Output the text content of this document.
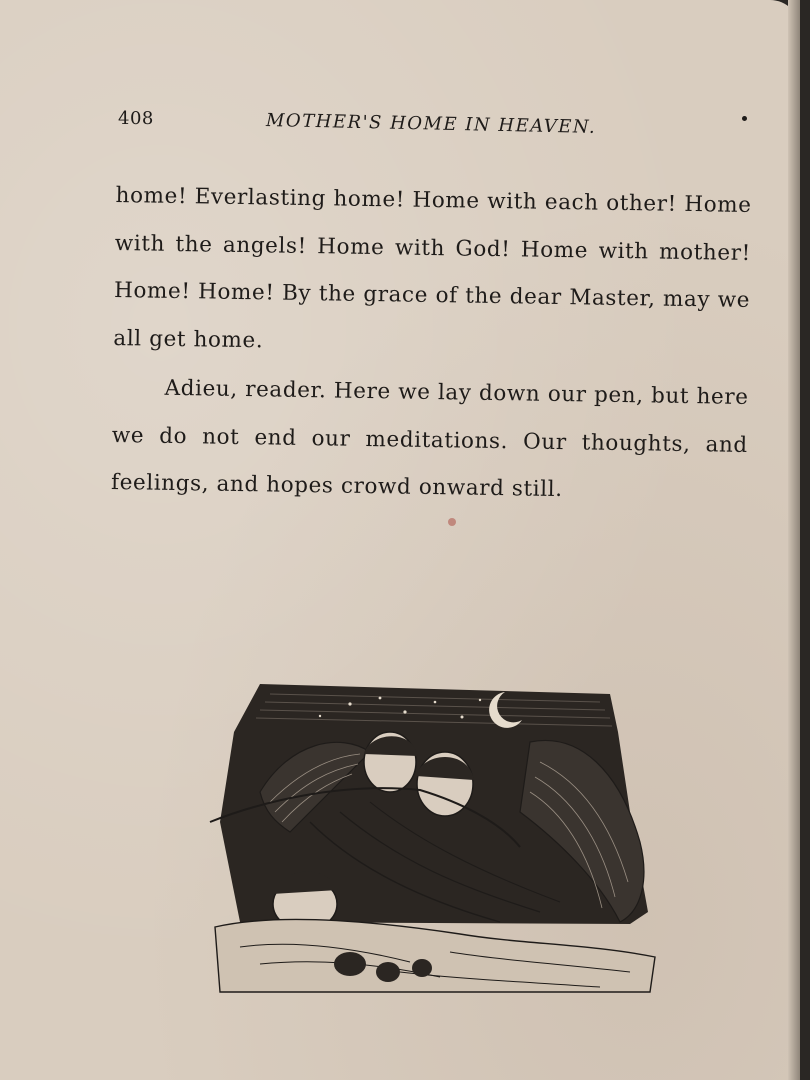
408	MOTHER'S HOME IN HEAVEN.

home! Everlasting home! Home with each other! Home with the angels! Home with God! Home with mother! Home! Home! By the grace of the dear Master, may we all get home.

Adieu, reader. Here we lay down our pen, but here we do not end our meditations. Our thoughts, and feelings, and hopes crowd onward still.
